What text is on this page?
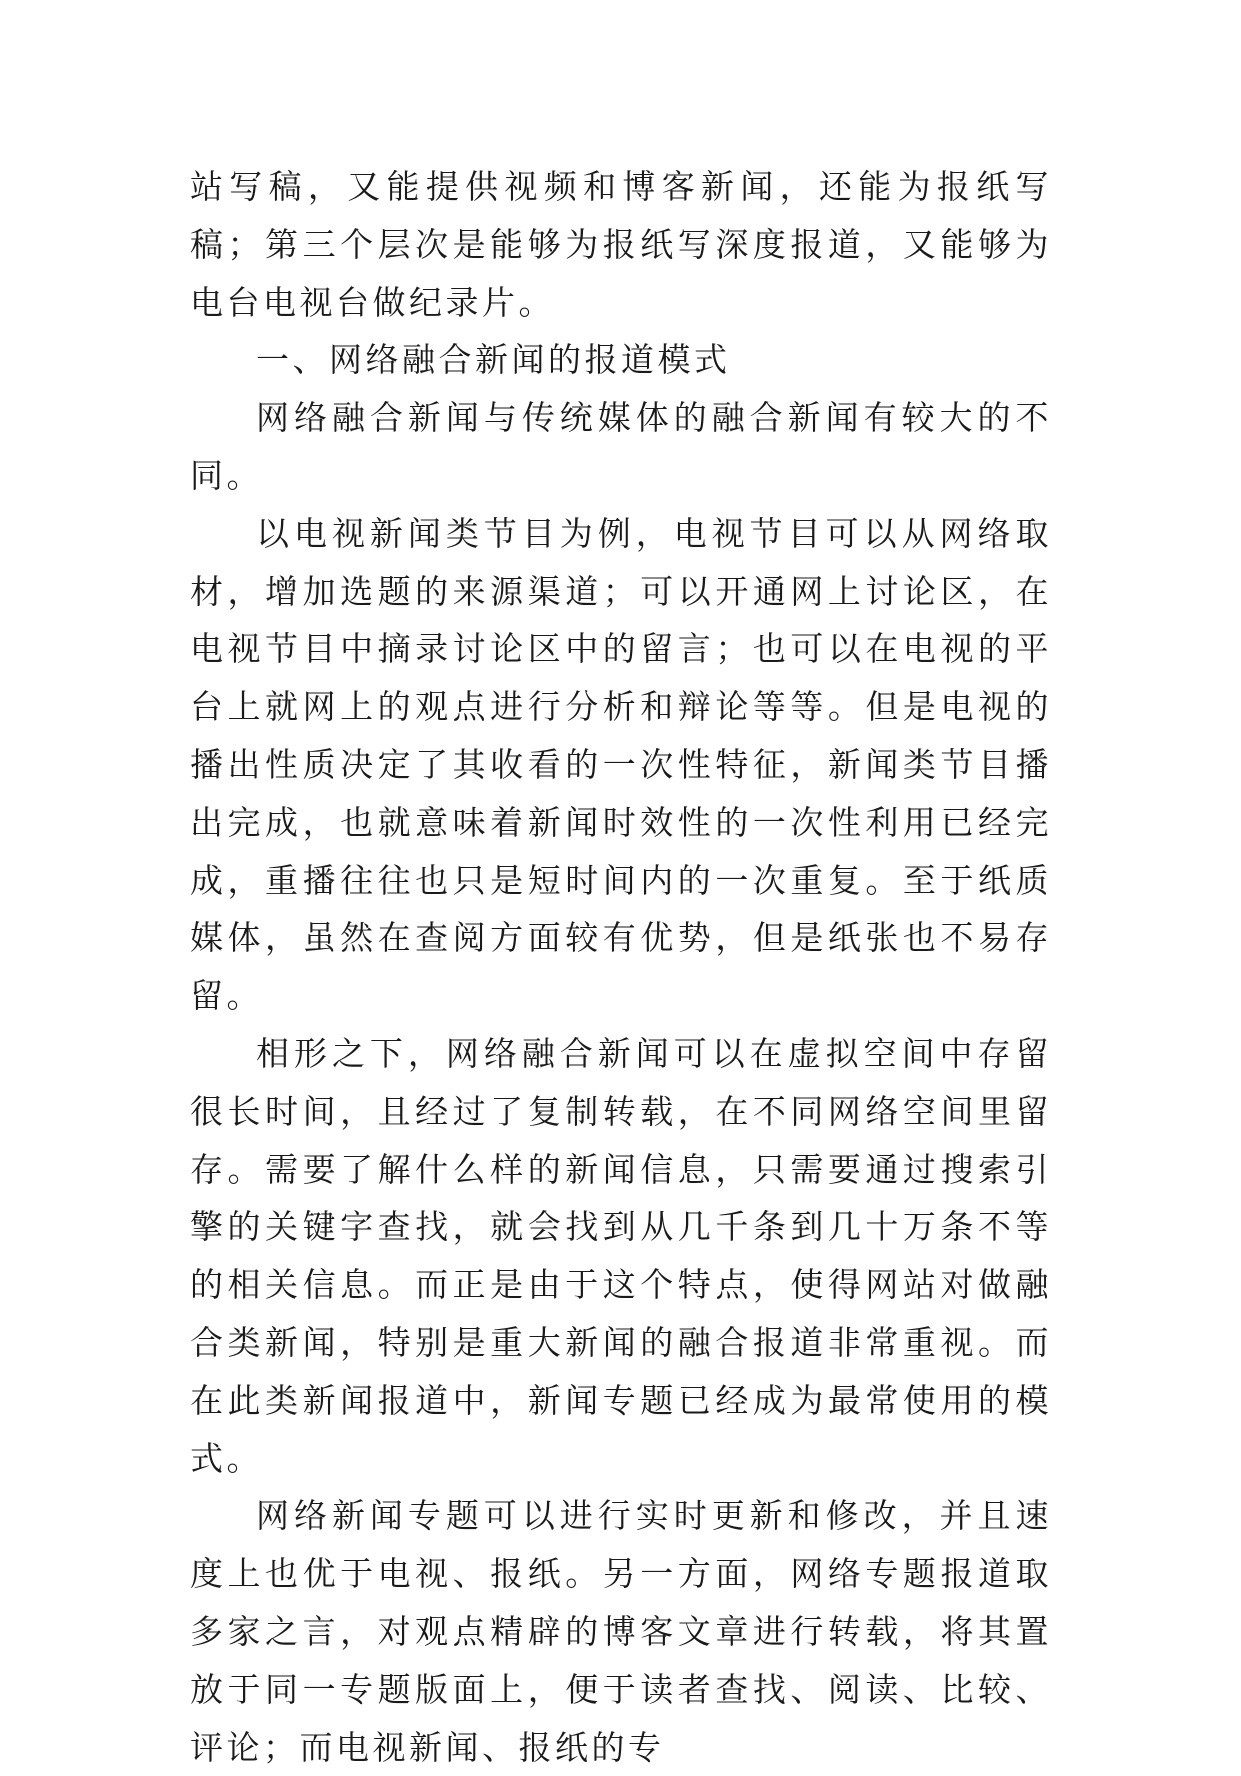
站写稿，又能提供视频和博客新闻，还能为报纸写稿；第三个层次是能够为报纸写深度报道，又能够为电台电视台做纪录片。

一、网络融合新闻的报道模式

网络融合新闻与传统媒体的融合新闻有较大的不同。

以电视新闻类节目为例，电视节目可以从网络取材，增加选题的来源渠道；可以开通网上讨论区，在电视节目中摘录讨论区中的留言；也可以在电视的平台上就网上的观点进行分析和辩论等等。但是电视的播出性质决定了其收看的一次性特征，新闻类节目播出完成，也就意味着新闻时效性的一次性利用已经完成，重播往往也只是短时间内的一次重复。至于纸质媒体，虽然在查阅方面较有优势，但是纸张也不易存留。

相形之下，网络融合新闻可以在虚拟空间中存留很长时间，且经过了复制转载，在不同网络空间里留存。需要了解什么样的新闻信息，只需要通过搜索引擎的关键字查找，就会找到从几千条到几十万条不等的相关信息。而正是由于这个特点，使得网站对做融合类新闻，特别是重大新闻的融合报道非常重视。而在此类新闻报道中，新闻专题已经成为最常使用的模式。

网络新闻专题可以进行实时更新和修改，并且速度上也优于电视、报纸。另一方面，网络专题报道取多家之言，对观点精辟的博客文章进行转载，将其置放于同一专题版面上，便于读者查找、阅读、比较、评论；而电视新闻、报纸的专
